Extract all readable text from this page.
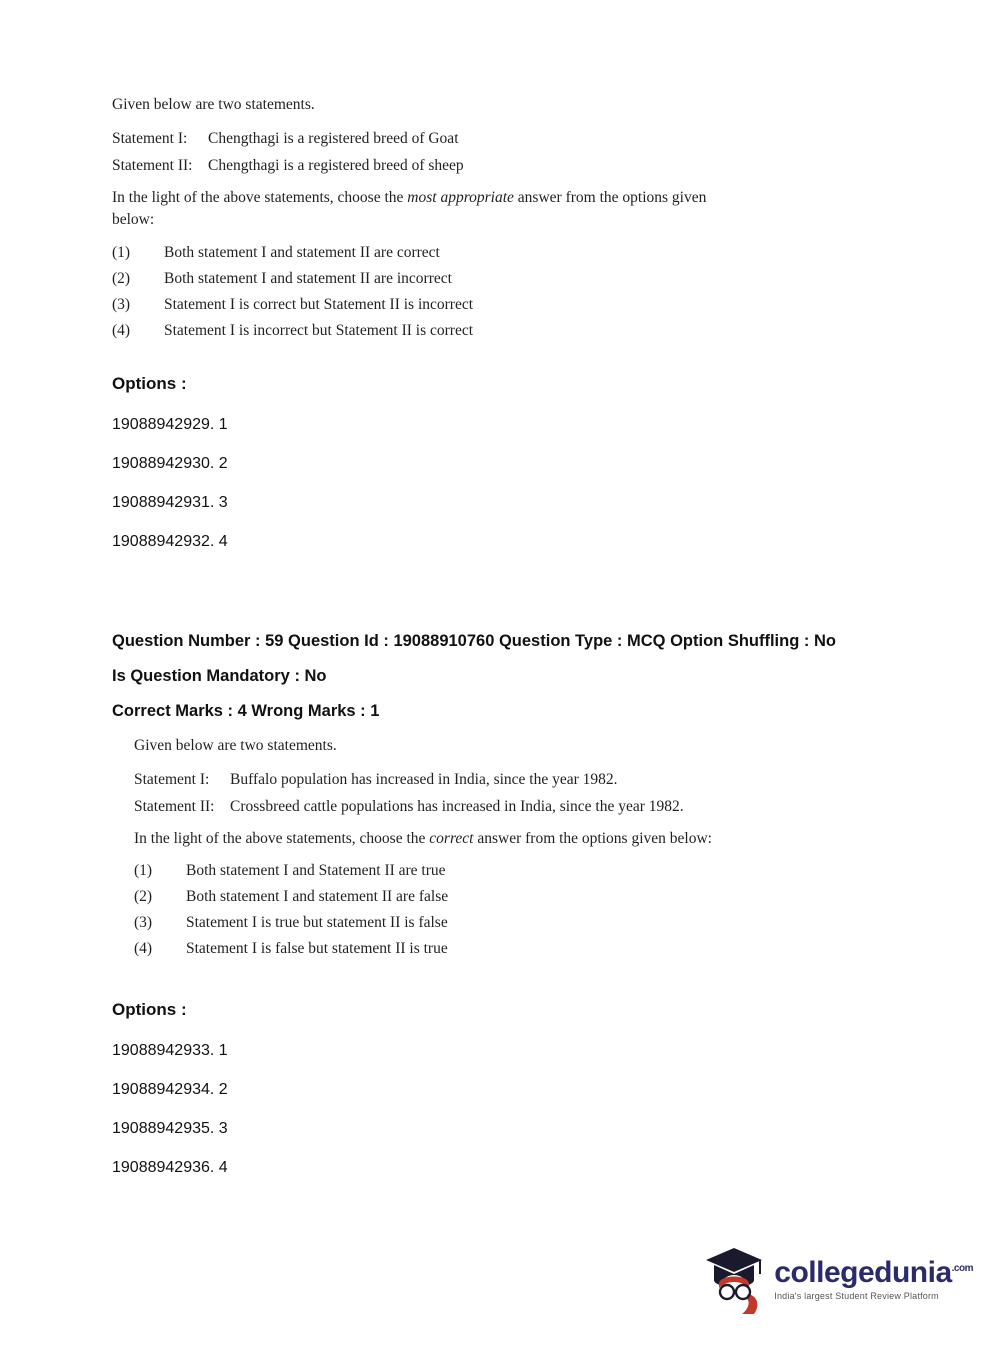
Given below are two statements.
Statement I:	Chengthagi is a registered breed of Goat
Statement II:	Chengthagi is a registered breed of sheep
In the light of the above statements, choose the most appropriate answer from the options given below:
(1)	Both statement I and statement II are correct
(2)	Both statement I and statement II are incorrect
(3)	Statement I is correct but Statement II is incorrect
(4)	Statement I is incorrect but Statement II is correct
Options :
19088942929. 1
19088942930. 2
19088942931. 3
19088942932. 4
Question Number : 59 Question Id : 19088910760 Question Type : MCQ Option Shuffling : No
Is Question Mandatory : No
Correct Marks : 4 Wrong Marks : 1
Given below are two statements.
Statement I:	Buffalo population has increased in India, since the year 1982.
Statement II:	Crossbreed cattle populations has increased in India, since the year 1982.
In the light of the above statements, choose the correct answer from the options given below:
(1)	Both statement I and Statement II are true
(2)	Both statement I and statement II are false
(3)	Statement I is true but statement II is false
(4)	Statement I is false but statement II is true
Options :
19088942933. 1
19088942934. 2
19088942935. 3
19088942936. 4
collegedunia$^{.com}$
India's largest Student Review Platform
